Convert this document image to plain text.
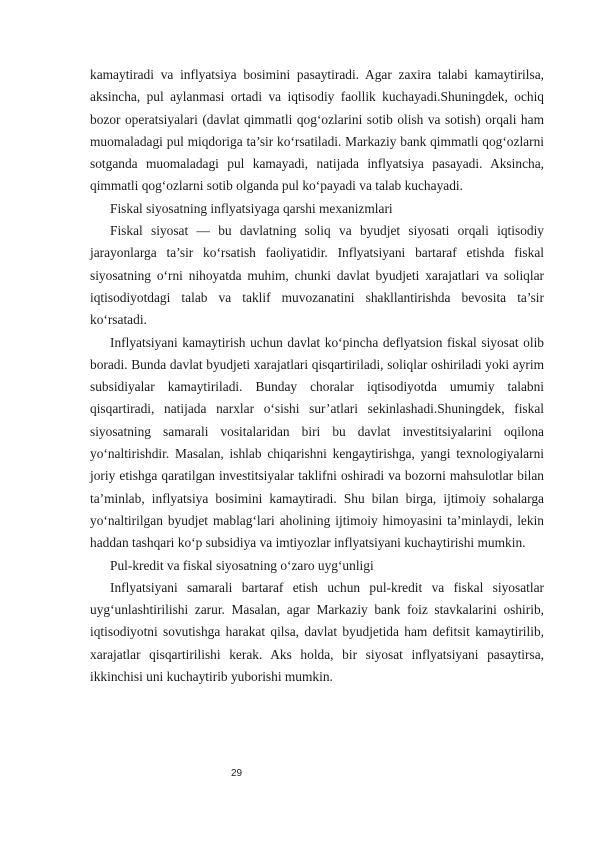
kamaytiradi va inflyatsiya bosimini pasaytiradi. Agar zaxira talabi kamaytirilsa, aksincha, pul aylanmasi ortadi va iqtisodiy faollik kuchayadi.Shuningdek, ochiq bozor operatsiyalari (davlat qimmatli qog‘ozlarini sotib olish va sotish) orqali ham muomaladagi pul miqdoriga ta’sir ko‘rsatiladi. Markaziy bank qimmatli qog‘ozlarni sotganda muomaladagi pul kamayadi, natijada inflyatsiya pasayadi. Aksincha, qimmatli qog‘ozlarni sotib olganda pul ko‘payadi va talab kuchayadi.

Fiskal siyosatning inflyatsiyaga qarshi mexanizmlari

Fiskal siyosat — bu davlatning soliq va byudjet siyosati orqali iqtisodiy jarayonlarga ta’sir ko‘rsatish faoliyatidir. Inflyatsiyani bartaraf etishda fiskal siyosatning o‘rni nihoyatda muhim, chunki davlat byudjeti xarajatlari va soliqlar iqtisodiyotdagi talab va taklif muvozanatini shakllantirishda bevosita ta’sir ko‘rsatadi.

Inflyatsiyani kamaytirish uchun davlat ko‘pincha deflyatsion fiskal siyosat olib boradi. Bunda davlat byudjeti xarajatlari qisqartiriladi, soliqlar oshiriladi yoki ayrim subsidiyalar kamaytiriladi. Bunday choralar iqtisodiyotda umumiy talabni qisqartiradi, natijada narxlar o‘sishi sur’atlari sekinlashadi.Shuningdek, fiskal siyosatning samarali vositalaridan biri bu davlat investitsiyalarini oqilona yo‘naltirishdir. Masalan, ishlab chiqarishni kengaytirishga, yangi texnologiyalarni joriy etishga qaratilgan investitsiyalar taklifni oshiradi va bozorni mahsulotlar bilan ta’minlab, inflyatsiya bosimini kamaytiradi. Shu bilan birga, ijtimoiy sohalarga yo‘naltirilgan byudjet mablag‘lari aholining ijtimoiy himoyasini ta’minlaydi, lekin haddan tashqari ko‘p subsidiya va imtiyozlar inflyatsiyani kuchaytirishi mumkin.

Pul-kredit va fiskal siyosatning o‘zaro uyg‘unligi

Inflyatsiyani samarali bartaraf etish uchun pul-kredit va fiskal siyosatlar uyg‘unlashtirilishi zarur. Masalan, agar Markaziy bank foiz stavkalarini oshirib, iqtisodiyotni sovutishga harakat qilsa, davlat byudjetida ham defitsit kamaytirilib, xarajatlar qisqartirilishi kerak. Aks holda, bir siyosat inflyatsiyani pasaytirsa, ikkinchisi uni kuchaytirib yuborishi mumkin.

29
